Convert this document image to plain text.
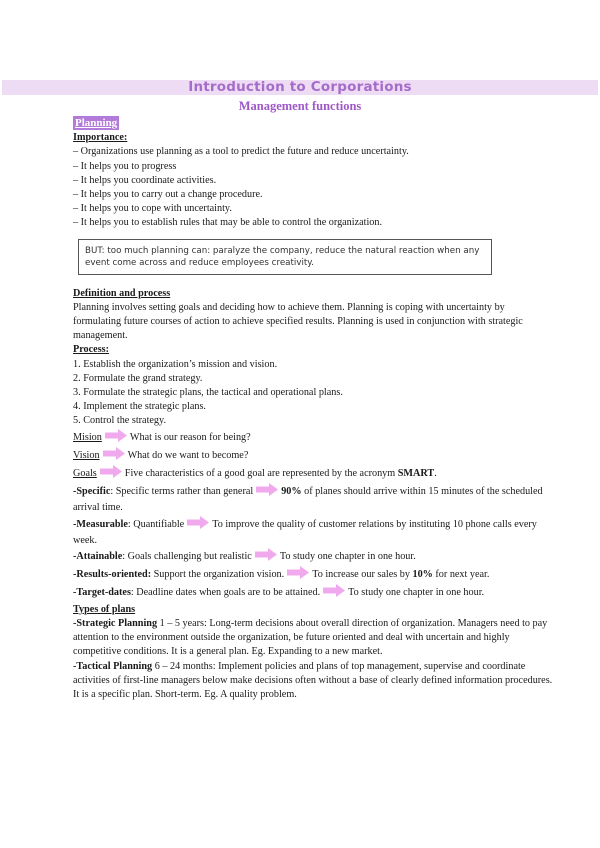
Introduction to Corporations
Management functions

Planning

Importance:

– Organizations use planning as a tool to predict the future and reduce uncertainty.

– It helps you to progress

– It helps you coordinate activities.

– It helps you to carry out a change procedure.

– It helps you to cope with uncertainty.

– It helps you to establish rules that may be able to control the organization.

BUT: too much planning can: paralyze the company, reduce the natural reaction when any event come across and reduce employees creativity.

Definition and process

Planning involves setting goals and deciding how to achieve them. Planning is coping with uncertainty by formulating future courses of action to achieve specified results. Planning is used in conjunction with strategic management.

Process:

1. Establish the organization’s mission and vision.

2. Formulate the grand strategy.

3. Formulate the strategic plans, the tactical and operational plans.

4. Implement the strategic plans.

5. Control the strategy.

Mision	What is our reason for being?

Vision	What do we want to become?

Goals	Five characteristics of a good goal are represented by the acronym SMART.

-Specific: Specific terms rather than general	90% of planes should arrive within 15 minutes of the scheduled arrival time.

-Measurable: Quantifiable	To improve the quality of customer relations by instituting 10 phone calls every week.

-Attainable: Goals challenging but realistic	To study one chapter in one hour.

-Results-oriented: Support the organization vision.	To increase our sales by 10% for next year.

-Target-dates: Deadline dates when goals are to be attained.	To study one chapter in one hour.

Types of plans

-Strategic Planning 1 – 5 years: Long-term decisions about overall direction of organization. Managers need to pay attention to the environment outside the organization, be future oriented and deal with uncertain and highly competitive conditions. It is a general plan. Eg. Expanding to a new market.

-Tactical Planning 6 – 24 months: Implement policies and plans of top management, supervise and coordinate activities of first-line managers below make decisions often without a base of clearly defined information procedures. It is a specific plan. Short-term. Eg. A quality problem.
